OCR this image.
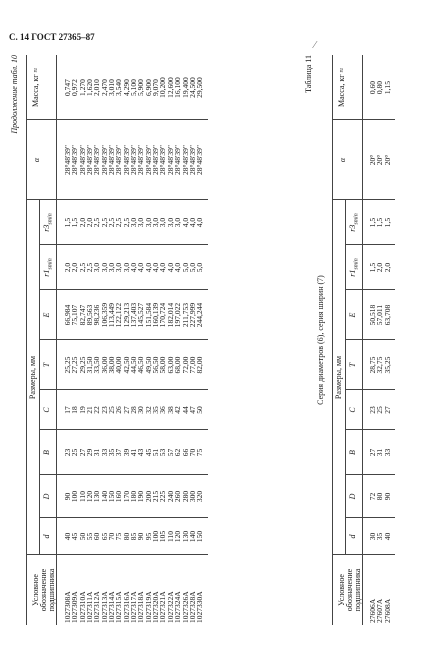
С. 14 ГОСТ 27365–87
⁄
Продолжение табл. 10
Размеры, мм
Условное обозначение подшипника
d
D
B
C
T
E
$r1_{smin}$
$r3_{smin}$
α
Масса, кг ≈
1027308A
1027309A
1027310A
1027311A
1027312A
1027313A
1027314A
1027315A
1027316A
1027317A
1027318A
1027319A
1027320A
1027321A
1027322A
1027324A
1027326A
1027328A
1027330A
40
45
50
55
60
65
70
75
80
85
90
95
100
105
110
120
130
140
150
90
100
110
120
130
140
150
160
170
180
190
200
215
225
240
260
280
300
320
23
25
27
29
31
33
35
37
39
41
43
45
51
53
57
62
66
70
75
17
18
19
21
22
23
25
26
27
28
30
32
35
36
38
42
44
47
50
25,25
27,25
29,25
31,50
33,50
36,00
38,00
40,00
42,50
44,50
46,50
49,50
56,50
58,00
63,00
68,00
72,00
77,00
82,00
66,984
75,107
82,747
89,563
98,236
106,359
113,449
122,122
129,213
137,403
145,527
151,584
160,139
170,724
182,014
197,022
211,753
227,999
244,244
2,0
2,0
2,5
2,5
3,0
3,0
3,0
3,0
3,0
4,0
4,0
4,0
4,0
4,0
4,0
4,0
5,0
5,0
5,0
1,5
1,5
2,0
2,0
2,5
2,5
2,5
2,5
2,5
3,0
3,0
3,0
3,0
3,0
3,0
3,0
4,0
4,0
4,0
28°48'39"
28°48'39"
28°48'39"
28°48'39"
28°48'39"
28°48'39"
28°48'39"
28°48'39"
28°48'39"
28°48'39"
28°48'39"
28°48'39"
28°48'39"
28°48'39"
28°48'39"
28°48'39"
28°48'39"
28°48'39"
28°48'39"
0,747
0,972
1,270
1,620
2,010
2,470
3,010
3,540
4,290
5,100
5,900
6,900
9,070
10,200
12,600
16,100
19,400
24,500
29,500	Таблица 11
Серия диаметров (6), серия ширин (7) Размеры, мм
Условное обозначение подшипника
d
D
B
C
T
E
$r1_{smin}$
$r3_{smin}$
α
Масса, кг ≈
27606A
27607A
27608A
30
35
40
72
80
90
27
31
33
23
25
27
28,75
32,75
35,25
50,518
57,011
63,708
1,5
2,0
2,0
1,5
1,5
1,5
20°
20°
20°
0,60
0,80
1,15
